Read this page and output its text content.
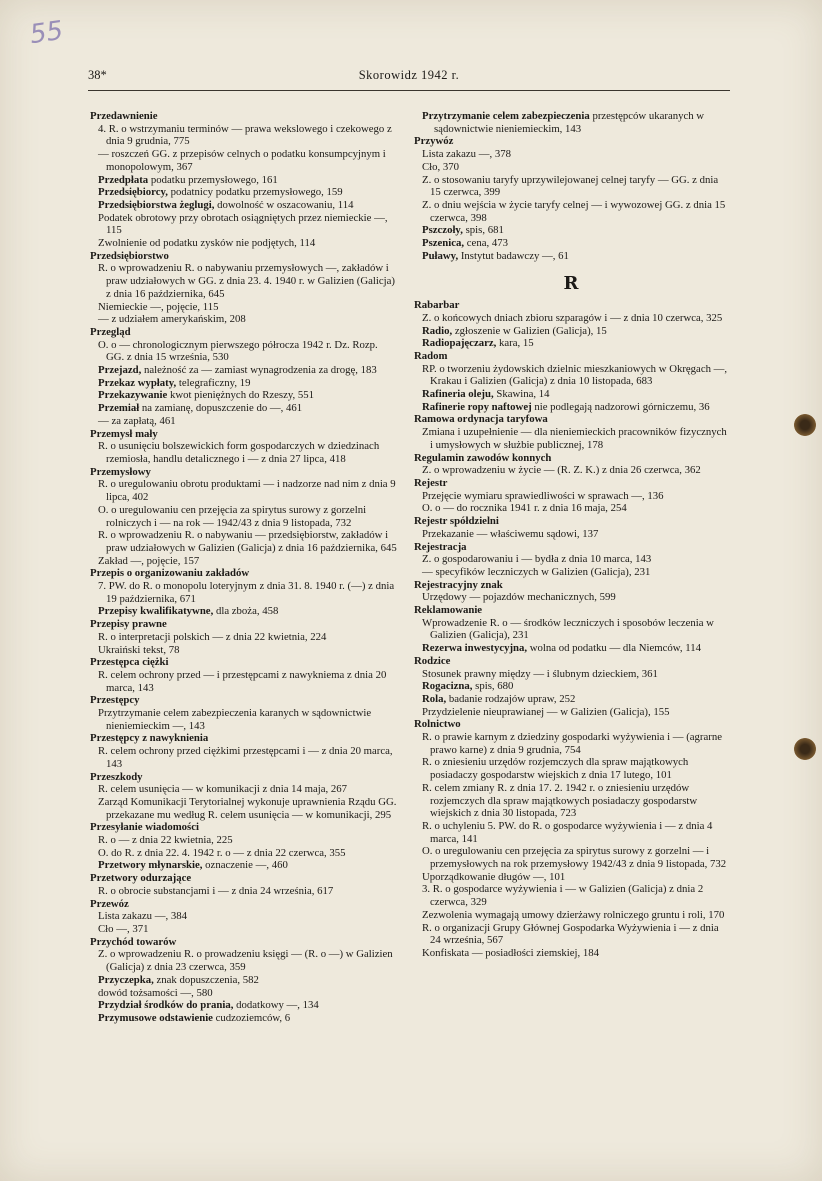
55
38*	Skorowidz 1942 r.
Przedawnienie
4. R. o wstrzymaniu terminów — prawa wekslowego i czekowego z dnia 9 grudnia, 775
— roszczeń GG. z przepisów celnych o podatku konsumpcyjnym i monopolowym, 367
Przedpłata podatku przemysłowego, 161
Przedsiębiorcy, podatnicy podatku przemysłowego, 159
Przedsiębiorstwa żeglugi, dowolność w oszacowaniu, 114
Podatek obrotowy przy obrotach osiągniętych przez niemieckie —, 115
Zwolnienie od podatku zysków nie podjętych, 114
Przedsiębiorstwo
R. o wprowadzeniu R. o nabywaniu przemysłowych —, zakładów i praw udziałowych w GG. z dnia 23. 4. 1940 r. w Galizien (Galicja) z dnia 16 października, 645
Niemieckie —, pojęcie, 115
— z udziałem amerykańskim, 208
Przegląd
O. o — chronologicznym pierwszego półrocza 1942 r. Dz. Rozp. GG. z dnia 15 września, 530
Przejazd, należność za — zamiast wynagrodzenia za drogę, 183
Przekaz wypłaty, telegraficzny, 19
Przekazywanie kwot pieniężnych do Rzeszy, 551
Przemiał na zamianę, dopuszczenie do —, 461
— za zapłatą, 461
Przemysł mały
R. o usunięciu bolszewickich form gospodarczych w dziedzinach rzemiosła, handlu detalicznego i — z dnia 27 lipca, 418
Przemysłowy
R. o uregulowaniu obrotu produktami — i nadzorze nad nim z dnia 9 lipca, 402
O. o uregulowaniu cen przejęcia za spirytus surowy z gorzelni rolniczych i — na rok — 1942/43 z dnia 9 listopada, 732
R. o wprowadzeniu R. o nabywaniu — przedsiębiorstw, zakładów i praw udziałowych w Galizien (Galicja) z dnia 16 października, 645
Zakład —, pojęcie, 157
Przepis o organizowaniu zakładów
7. PW. do R. o monopolu loteryjnym z dnia 31. 8. 1940 r. (—) z dnia 19 października, 671
Przepisy kwalifikatywne, dla zboża, 458
Przepisy prawne
R. o interpretacji polskich — z dnia 22 kwietnia, 224
Ukraiński tekst, 78
Przestępca ciężki
R. celem ochrony przed — i przestępcami z nawykniema z dnia 20 marca, 143
Przestępcy
Przytrzymanie celem zabezpieczenia karanych w sądownictwie nieniemieckim —, 143
Przestępcy z nawyknienia
R. celem ochrony przed ciężkimi przestępcami i — z dnia 20 marca, 143
Przeszkody
R. celem usunięcia — w komunikacji z dnia 14 maja, 267
Zarząd Komunikacji Terytorialnej wykonuje uprawnienia Rządu GG. przekazane mu według R. celem usunięcia — w komunikacji, 295
Przesyłanie wiadomości
R. o — z dnia 22 kwietnia, 225
O. do R. z dnia 22. 4. 1942 r. o — z dnia 22 czerwca, 355
Przetwory młynarskie, oznaczenie —, 460
Przetwory odurzające
R. o obrocie substancjami i — z dnia 24 września, 617
Przewóz
Lista zakazu —, 384
Cło —, 371
Przychód towarów
Z. o wprowadzeniu R. o prowadzeniu księgi — (R. o —) w Galizien (Galicja) z dnia 23 czerwca, 359
Przyczepka, znak dopuszczenia, 582
dowód tożsamości —, 580
Przydział środków do prania, dodatkowy —, 134
Przymusowe odstawienie cudzoziemców, 6
Przytrzymanie celem zabezpieczenia przestępców ukaranych w sądownictwie nieniemieckim, 143
Przywóz
Lista zakazu —, 378
Cło, 370
Z. o stosowaniu taryfy uprzywilejowanej celnej taryfy — GG. z dnia 15 czerwca, 399
Z. o dniu wejścia w życie taryfy celnej — i wywozowej GG. z dnia 15 czerwca, 398
Pszczoły, spis, 681
Pszenica, cena, 473
Puławy, Instytut badawczy —, 61
R
Rabarbar
Z. o końcowych dniach zbioru szparagów i — z dnia 10 czerwca, 325
Radio, zgłoszenie w Galizien (Galicja), 15
Radiopajęczarz, kara, 15
Radom
RP. o tworzeniu żydowskich dzielnic mieszkaniowych w Okręgach —, Krakau i Galizien (Galicja) z dnia 10 listopada, 683
Rafineria oleju, Skawina, 14
Rafinerie ropy naftowej nie podlegają nadzorowi górniczemu, 36
Ramowa ordynacja taryfowa
Zmiana i uzupełnienie — dla nieniemieckich pracowników fizycznych i umysłowych w służbie publicznej, 178
Regulamin zawodów konnych
Z. o wprowadzeniu w życie — (R. Z. K.) z dnia 26 czerwca, 362
Rejestr
Przejęcie wymiaru sprawiedliwości w sprawach —, 136
O. o — do rocznika 1941 r. z dnia 16 maja, 254
Rejestr spółdzielni
Przekazanie — właściwemu sądowi, 137
Rejestracja
Z. o gospodarowaniu i — bydła z dnia 10 marca, 143
— specyfików leczniczych w Galizien (Galicja), 231
Rejestracyjny znak
Urzędowy — pojazdów mechanicznych, 599
Reklamowanie
Wprowadzenie R. o — środków leczniczych i sposobów leczenia w Galizien (Galicja), 231
Rezerwa inwestycyjna, wolna od podatku — dla Niemców, 114
Rodzice
Stosunek prawny między — i ślubnym dzieckiem, 361
Rogacizna, spis, 680
Rola, badanie rodzajów upraw, 252
Przydzielenie nieuprawianej — w Galizien (Galicja), 155
Rolnictwo
R. o prawie karnym z dziedziny gospodarki wyżywienia i — (agrarne prawo karne) z dnia 9 grudnia, 754
R. o zniesieniu urzędów rozjemczych dla spraw majątkowych posiadaczy gospodarstw wiejskich z dnia 17 lutego, 101
R. celem zmiany R. z dnia 17. 2. 1942 r. o zniesieniu urzędów rozjemczych dla spraw majątkowych posiadaczy gospodarstw wiejskich z dnia 30 listopada, 723
R. o uchyleniu 5. PW. do R. o gospodarce wyżywienia i — z dnia 4 marca, 141
O. o uregulowaniu cen przejęcia za spirytus surowy z gorzelni — i przemysłowych na rok przemysłowy 1942/43 z dnia 9 listopada, 732
Uporządkowanie długów —, 101
3. R. o gospodarce wyżywienia i — w Galizien (Galicja) z dnia 2 czerwca, 329
Zezwolenia wymagają umowy dzierżawy rolniczego gruntu i roli, 170
R. o organizacji Grupy Głównej Gospodarka Wyżywienia i — z dnia 24 września, 567
Konfiskata — posiadłości ziemskiej, 184
